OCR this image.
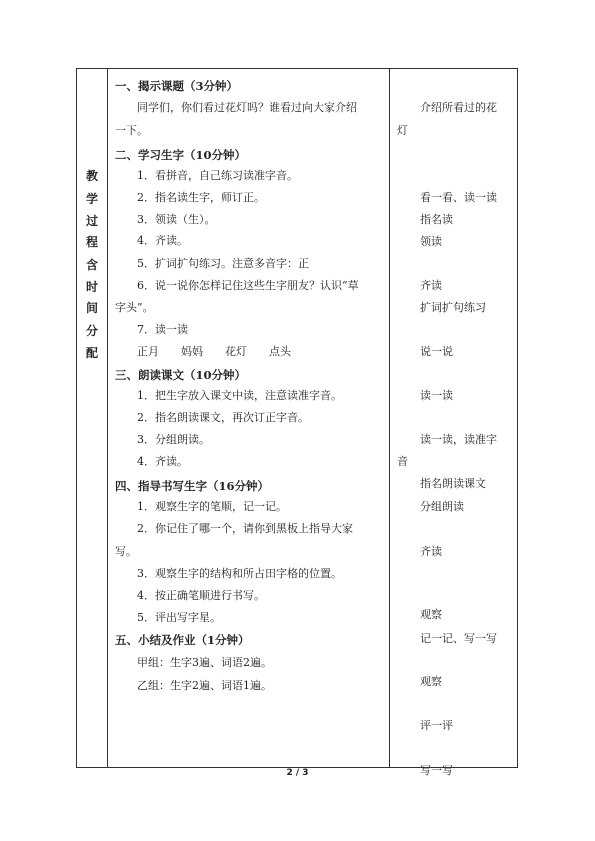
教
学
过
程
含
时
间
分
配
一、揭示课题（3分钟）
同学们，你们看过花灯吗？谁看过向大家介绍
一下。
二、学习生字（10分钟）
1．看拼音，自己练习读准字音。
2．指名读生字，师订正。
3．领读（生）。
4．齐读。
5．扩词扩句练习。注意多音字：正
6．说一说你怎样记住这些生字朋友？认识“草
字头”。
7．读一读
正月　　妈妈　　花灯　　点头
三、朗读课文（10分钟）
1．把生字放入课文中读，注意读准字音。
2．指名朗读课文，再次订正字音。
3．分组朗读。
4．齐读。
四、指导书写生字（16分钟）
1．观察生字的笔顺，记一记。
2．你记住了哪一个，请你到黑板上指导大家
写。
3．观察生字的结构和所占田字格的位置。
4．按正确笔顺进行书写。
5．评出写字星。
五、小结及作业（1分钟）
甲组：生字3遍、词语2遍。
乙组：生字2遍、词语1遍。
介绍所看过的花
灯
看一看、读一读
指名读
领读
齐读
扩词扩句练习
说一说
读一读
读一读，读准字
音
指名朗读课文
分组朗读
齐读
观察
记一记、写一写
观察
评一评
写一写
2 / 3
